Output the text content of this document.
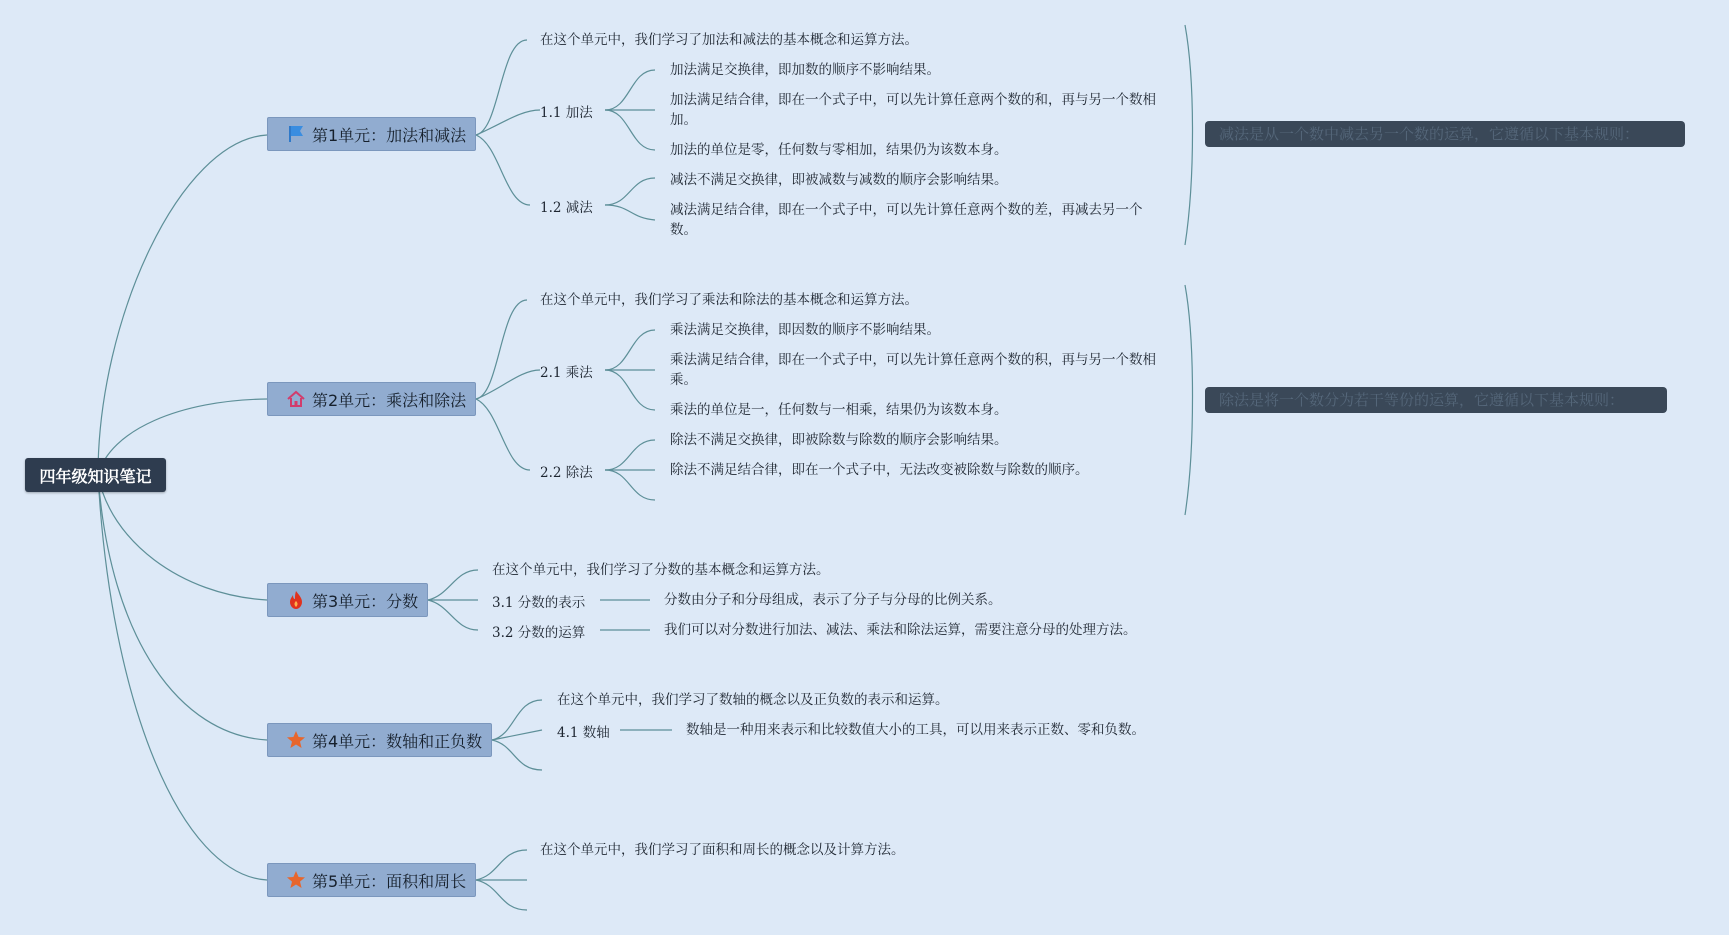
四年级知识笔记
第1单元：加法和减法
在这个单元中，我们学习了加法和减法的基本概念和运算方法。
1.1 加法
加法满足交换律，即加数的顺序不影响结果。
加法满足结合律，即在一个式子中，可以先计算任意两个数的和，再与另一个数相加。
加法的单位是零，任何数与零相加，结果仍为该数本身。
1.2 减法
减法不满足交换律，即被减数与减数的顺序会影响结果。
减法满足结合律，即在一个式子中，可以先计算任意两个数的差，再减去另一个数。
减法是从一个数中减去另一个数的运算，它遵循以下基本规则：
第2单元：乘法和除法
在这个单元中，我们学习了乘法和除法的基本概念和运算方法。
2.1 乘法
乘法满足交换律，即因数的顺序不影响结果。
乘法满足结合律，即在一个式子中，可以先计算任意两个数的积，再与另一个数相乘。
乘法的单位是一，任何数与一相乘，结果仍为该数本身。
2.2 除法
除法不满足交换律，即被除数与除数的顺序会影响结果。
除法不满足结合律，即在一个式子中，无法改变被除数与除数的顺序。
除法是将一个数分为若干等份的运算，它遵循以下基本规则：
第3单元：分数
在这个单元中，我们学习了分数的基本概念和运算方法。
3.1 分数的表示	分数由分子和分母组成，表示了分子与分母的比例关系。
3.2 分数的运算	我们可以对分数进行加法、减法、乘法和除法运算，需要注意分母的处理方法。
第4单元：数轴和正负数
在这个单元中，我们学习了数轴的概念以及正负数的表示和运算。
4.1 数轴	数轴是一种用来表示和比较数值大小的工具，可以用来表示正数、零和负数。
第5单元：面积和周长
在这个单元中，我们学习了面积和周长的概念以及计算方法。
